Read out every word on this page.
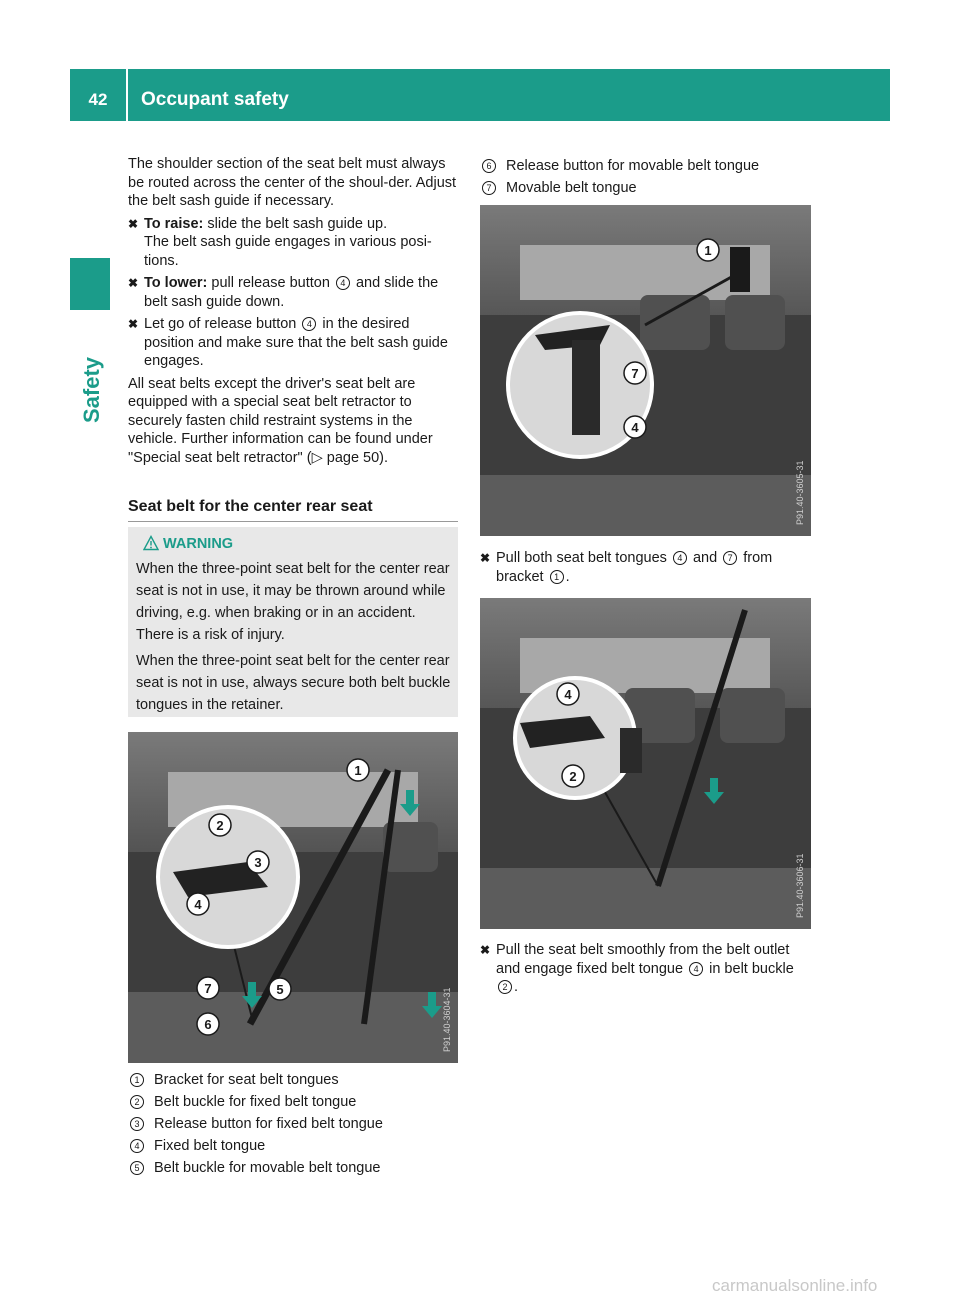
42	Occupant safety
Safety

The shoulder section of the seat belt must always be routed across the center of the shoul-der. Adjust the belt sash guide if necessary.

✖ To raise: slide the belt sash guide up.
The belt sash guide engages in various posi-tions.
✖ To lower: pull release button 4 and slide the belt sash guide down.
✖ Let go of release button 4 in the desired position and make sure that the belt sash guide engages.

All seat belts except the driver's seat belt are equipped with a special seat belt retractor to securely fasten child restraint systems in the vehicle. Further information can be found under "Special seat belt retractor" (▷ page 50).

Seat belt for the center rear seat
WARNING

When the three-point seat belt for the center rear seat is not in use, it may be thrown around while driving, e.g. when braking or in an accident. There is a risk of injury.

When the three-point seat belt for the center rear seat is not in use, always secure both belt buckle tongues in the retainer.

1
2
3
4
5
6
7	P91.40-3604-31
1	Bracket for seat belt tongues
2	Belt buckle for fixed belt tongue
3	Release button for fixed belt tongue
4	Fixed belt tongue
5	Belt buckle for movable belt tongue
6	Release button for movable belt tongue
7	Movable belt tongue
1
7
4
P91.40-3605-31
✖ Pull both seat belt tongues 4 and 7 from bracket 1 .
4
2
P91.40-3606-31
✖ Pull the seat belt smoothly from the belt outlet and engage fixed belt tongue 4 in belt buckle 2 .
carmanualsonline.info
